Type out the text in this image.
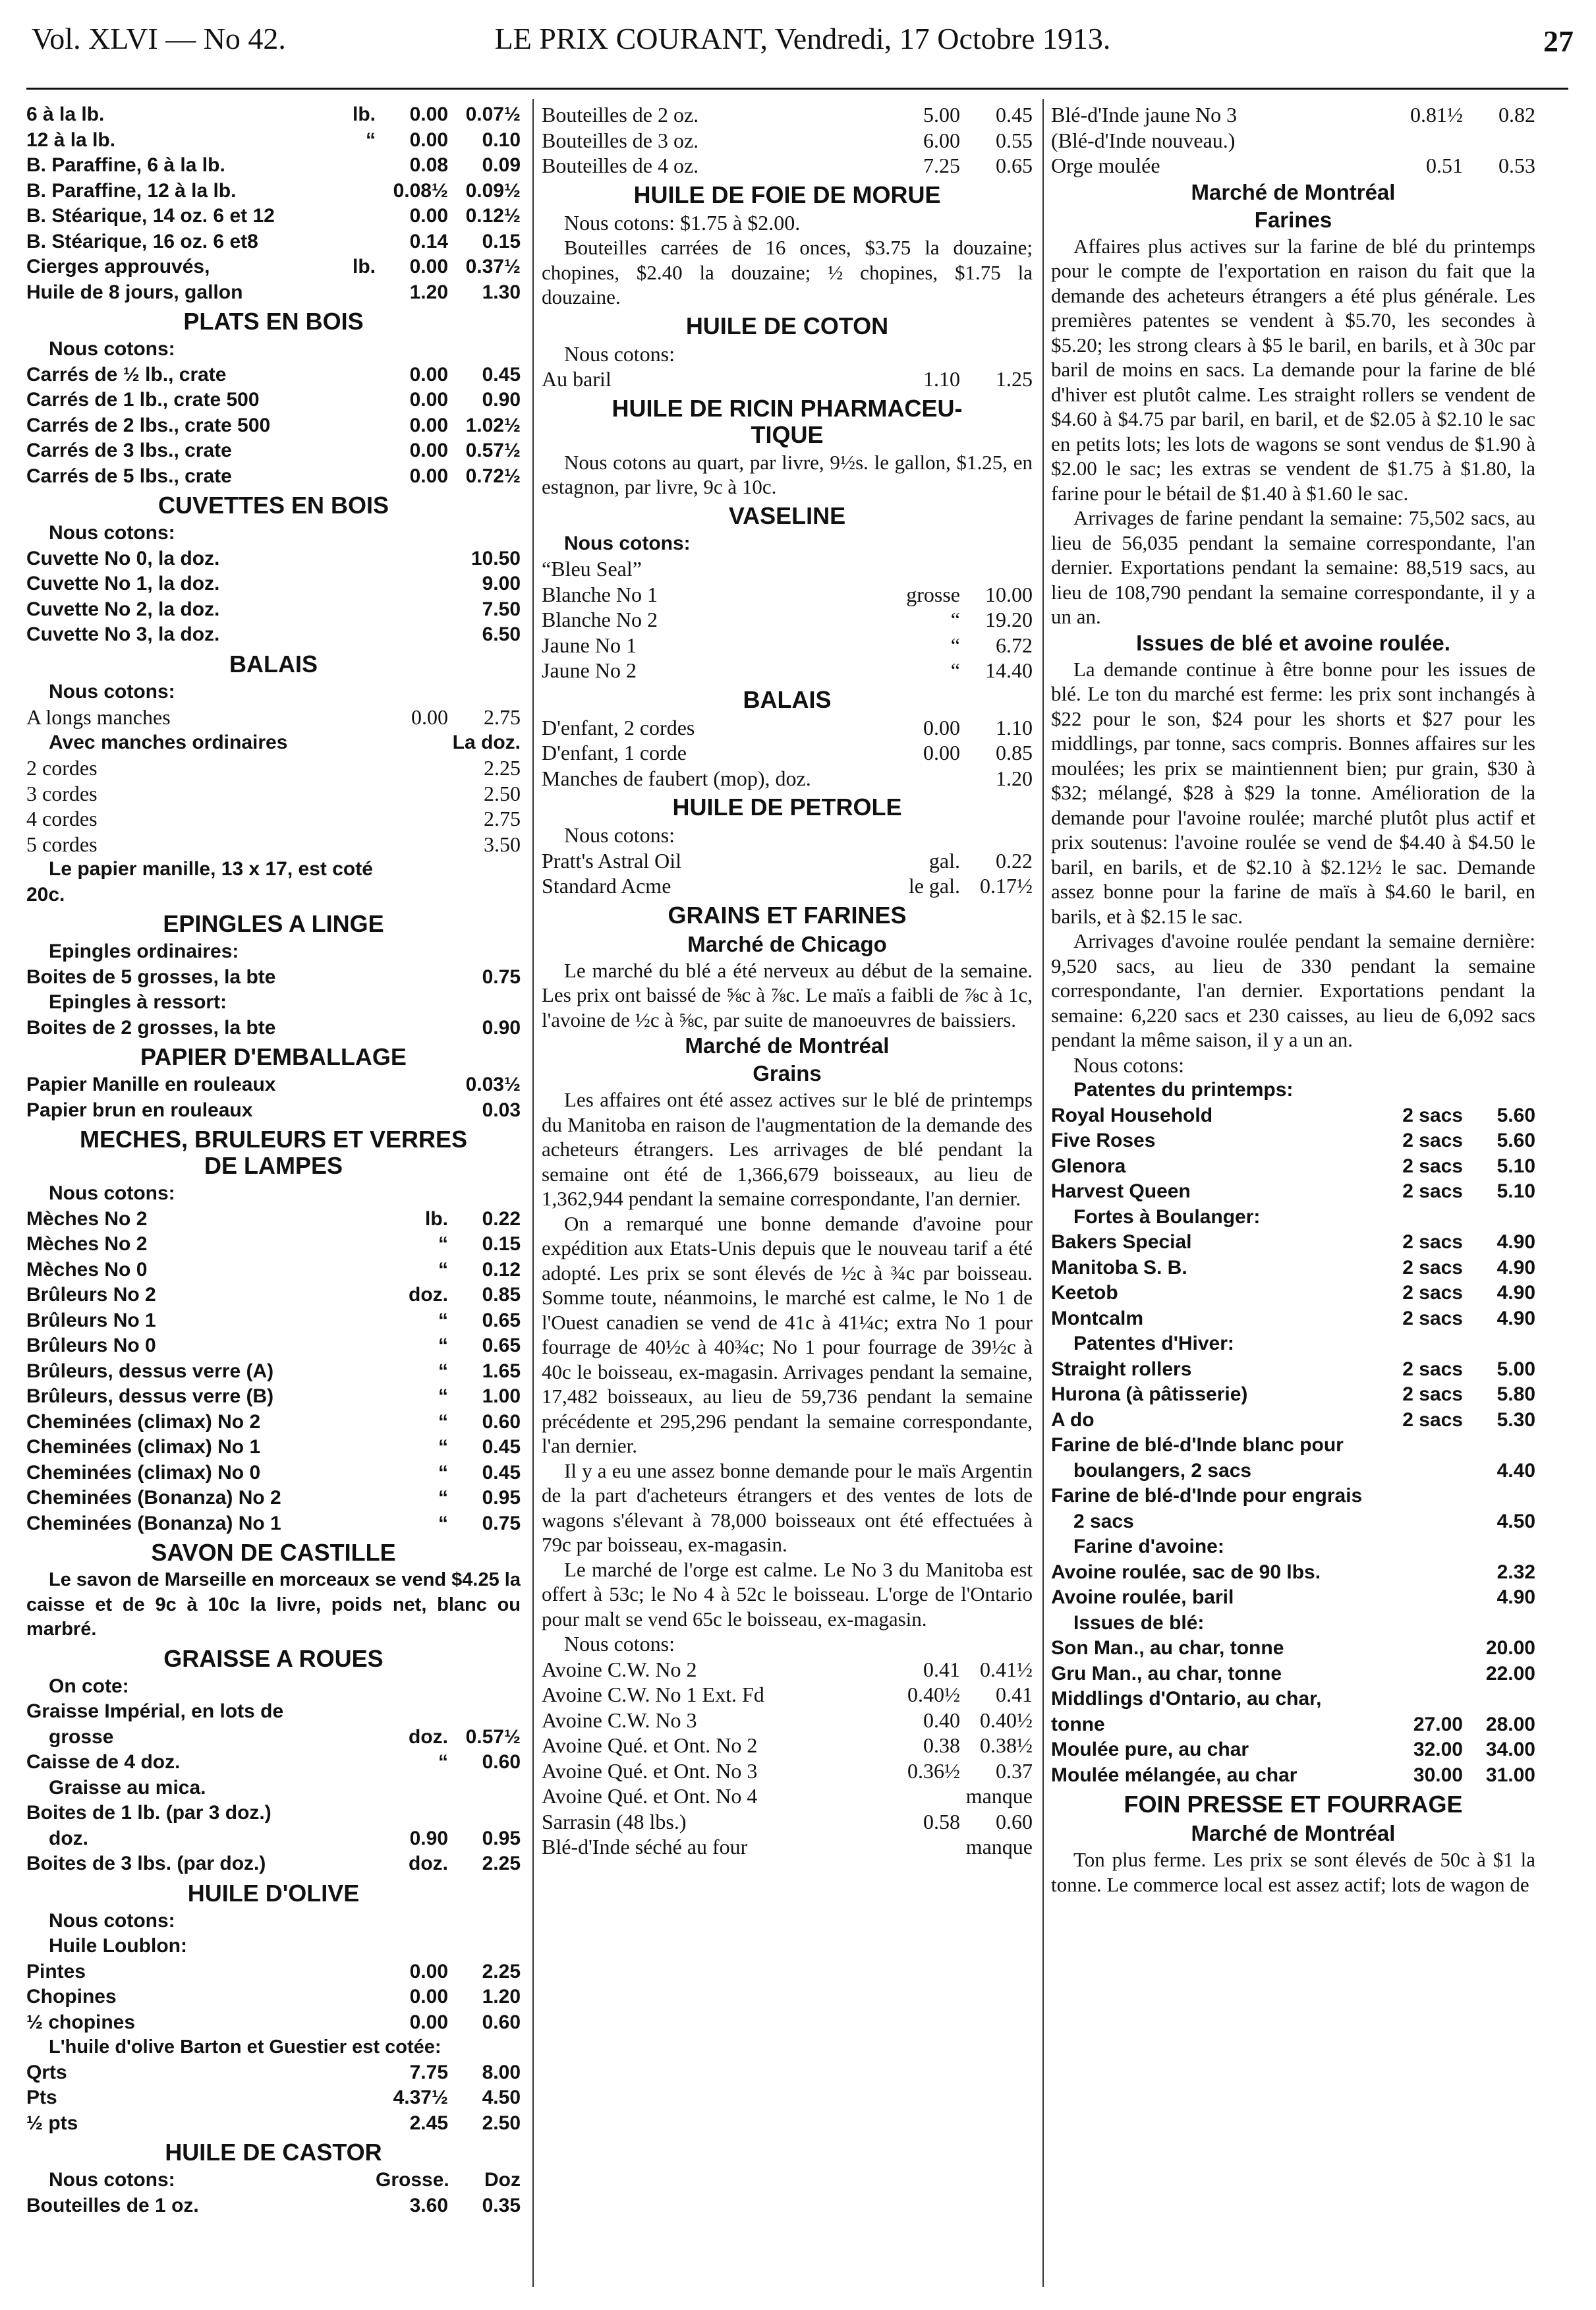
Vol. XLVI — No 42.	LE PRIX COURANT, Vendredi, 17 Octobre 1913.	27
6 à la lb.	lb.	0.00 0.07½
12 à la lb.	“	0.00	0.10
B. Paraffine, 6 à la lb.	0.08	0.09
B. Paraffine, 12 à la lb.	0.08½ 0.09½
B. Stéarique, 14 oz. 6 et 12	0.00 0.12½
B. Stéarique, 16 oz. 6 et8	0.14	0.15
Cierges approuvés,	lb.	0.00 0.37½
Huile de 8 jours, gallon	1.20	1.30
PLATS EN BOIS
Nous cotons:
Carrés de ½ lb., crate	0.00	0.45
Carrés de 1 lb., crate 500	0.00	0.90
Carrés de 2 lbs., crate 500	0.00 1.02½
Carrés de 3 lbs., crate	0.00 0.57½
Carrés de 5 lbs., crate	0.00 0.72½
CUVETTES EN BOIS
Nous cotons:
Cuvette No 0, la doz.	10.50
Cuvette No 1, la doz.	9.00
Cuvette No 2, la doz.	7.50
Cuvette No 3, la doz.	6.50
BALAIS
Nous cotons:
A longs manches	0.00	2.75
Avec manches ordinaires	La doz.
2 cordes	2.25
3 cordes	2.50
4 cordes	2.75
5 cordes	3.50
Le papier manille, 13 x 17, est coté
20c.
EPINGLES A LINGE
Epingles ordinaires:
Boites de 5 grosses, la bte	0.75
Epingles à ressort:
Boites de 2 grosses, la bte	0.90
PAPIER D'EMBALLAGE
Papier Manille en rouleaux	0.03½
Papier brun en rouleaux	0.03
MECHES, BRULEURS ET VERRES
DE LAMPES
Nous cotons:
Mèches No 2	lb.	0.22
Mèches No 2	“	0.15
Mèches No 0	“	0.12
Brûleurs No 2	doz.	0.85
Brûleurs No 1	“	0.65
Brûleurs No 0	“	0.65
Brûleurs, dessus verre (A)	“	1.65
Brûleurs, dessus verre (B)	“	1.00
Cheminées (climax) No 2	“	0.60
Cheminées (climax) No 1	“	0.45
Cheminées (climax) No 0	“	0.45
Cheminées (Bonanza) No 2	“	0.95
Cheminées (Bonanza) No 1	“	0.75
SAVON DE CASTILLE

Le savon de Marseille en morceaux se vend $4.25 la caisse et de 9c à 10c la livre, poids net, blanc ou marbré.

GRAISSE A ROUES
On cote:
Graisse Impérial, en lots de
grosse	doz. 0.57½
Caisse de 4 doz.	“	0.60
Graisse au mica.
Boites de 1 lb. (par 3 doz.)
doz.	0.90	0.95
Boites de 3 lbs. (par doz.)	doz.	2.25
HUILE D'OLIVE
Nous cotons:
Huile Loublon:
Pintes	0.00	2.25
Chopines	0.00	1.20
½ chopines	0.00	0.60

L'huile d'olive Barton et Guestier est cotée:

Qrts	7.75	8.00
Pts	4.37½	4.50
½ pts	2.45	2.50
HUILE DE CASTOR
Nous cotons:	Grosse.	Doz
Bouteilles de 1 oz.	3.60	0.35
Bouteilles de 2 oz.	5.00	0.45
Bouteilles de 3 oz.	6.00	0.55
Bouteilles de 4 oz.	7.25	0.65
HUILE DE FOIE DE MORUE
Nous cotons: $1.75 à $2.00.

Bouteilles carrées de 16 onces, $3.75 la douzaine; chopines, $2.40 la douzaine; ½ chopines, $1.75 la douzaine.

HUILE DE COTON
Nous cotons:
Au baril	1.10	1.25
HUILE DE RICIN PHARMACEU-
TIQUE

Nous cotons au quart, par livre, 9½s. le gallon, $1.25, en estagnon, par livre, 9c à 10c.

VASELINE
Nous cotons:
“Bleu Seal”
Blanche No 1	grosse	10.00
Blanche No 2	“	19.20
Jaune No 1	“	6.72
Jaune No 2	“	14.40
BALAIS
D'enfant, 2 cordes	0.00	1.10
D'enfant, 1 corde	0.00	0.85
Manches de faubert (mop), doz.	1.20
HUILE DE PETROLE
Nous cotons:
Pratt's Astral Oil	gal.	0.22
Standard Acme	le gal. 0.17½
GRAINS ET FARINES
Marché de Chicago

Le marché du blé a été nerveux au début de la semaine. Les prix ont baissé de ⅝c à ⅞c. Le maïs a faibli de ⅞c à 1c, l'avoine de ½c à ⅝c, par suite de manoeuvres de baissiers.

Marché de Montréal
Grains

Les affaires ont été assez actives sur le blé de printemps du Manitoba en raison de l'augmentation de la demande des acheteurs étrangers. Les arrivages de blé pendant la semaine ont été de 1,366,679 boisseaux, au lieu de 1,362,944 pendant la semaine correspondante, l'an dernier.

On a remarqué une bonne demande d'avoine pour expédition aux Etats-Unis depuis que le nouveau tarif a été adopté. Les prix se sont élevés de ½c à ¾c par boisseau. Somme toute, néanmoins, le marché est calme, le No 1 de l'Ouest canadien se vend de 41c à 41¼c; extra No 1 pour fourrage de 40½c à 40¾c; No 1 pour fourrage de 39½c à 40c le boisseau, ex-magasin. Arrivages pendant la semaine, 17,482 boisseaux, au lieu de 59,736 pendant la semaine précédente et 295,296 pendant la semaine correspondante, l'an dernier.

Il y a eu une assez bonne demande pour le maïs Argentin de la part d'acheteurs étrangers et des ventes de lots de wagons s'élevant à 78,000 boisseaux ont été effectuées à 79c par boisseau, ex-magasin.

Le marché de l'orge est calme. Le No 3 du Manitoba est offert à 53c; le No 4 à 52c le boisseau. L'orge de l'Ontario pour malt se vend 65c le boisseau, ex-magasin.

Nous cotons:
Avoine C.W. No 2	0.41 0.41½
Avoine C.W. No 1 Ext. Fd	0.40½	0.41
Avoine C.W. No 3	0.40 0.40½
Avoine Qué. et Ont. No 2	0.38 0.38½
Avoine Qué. et Ont. No 3	0.36½	0.37
Avoine Qué. et Ont. No 4	manque
Sarrasin (48 lbs.)	0.58	0.60
Blé-d'Inde séché au four	manque
Blé-d'Inde jaune No 3	0.81½	0.82
(Blé-d'Inde nouveau.)
Orge moulée	0.51	0.53
Marché de Montréal
Farines

Affaires plus actives sur la farine de blé du printemps pour le compte de l'exportation en raison du fait que la demande des acheteurs étrangers a été plus générale. Les premières patentes se vendent à $5.70, les secondes à $5.20; les strong clears à $5 le baril, en barils, et à 30c par baril de moins en sacs. La demande pour la farine de blé d'hiver est plutôt calme. Les straight rollers se vendent de $4.60 à $4.75 par baril, en baril, et de $2.05 à $2.10 le sac en petits lots; les lots de wagons se sont vendus de $1.90 à $2.00 le sac; les extras se vendent de $1.75 à $1.80, la farine pour le bétail de $1.40 à $1.60 le sac.

Arrivages de farine pendant la semaine: 75,502 sacs, au lieu de 56,035 pendant la semaine correspondante, l'an dernier. Exportations pendant la semaine: 88,519 sacs, au lieu de 108,790 pendant la semaine correspondante, il y a un an.

Issues de blé et avoine roulée.

La demande continue à être bonne pour les issues de blé. Le ton du marché est ferme: les prix sont inchangés à $22 pour le son, $24 pour les shorts et $27 pour les middlings, par tonne, sacs compris. Bonnes affaires sur les moulées; les prix se maintiennent bien; pur grain, $30 à $32; mélangé, $28 à $29 la tonne. Amélioration de la demande pour l'avoine roulée; marché plutôt plus actif et prix soutenus: l'avoine roulée se vend de $4.40 à $4.50 le baril, en barils, et de $2.10 à $2.12½ le sac. Demande assez bonne pour la farine de maïs à $4.60 le baril, en barils, et à $2.15 le sac.

Arrivages d'avoine roulée pendant la semaine dernière: 9,520 sacs, au lieu de 330 pendant la semaine correspondante, l'an dernier. Exportations pendant la semaine: 6,220 sacs et 230 caisses, au lieu de 6,092 sacs pendant la même saison, il y a un an.

Nous cotons:
Patentes du printemps:
Royal Household	2 sacs	5.60
Five Roses	2 sacs	5.60
Glenora	2 sacs	5.10
Harvest Queen	2 sacs	5.10
Fortes à Boulanger:
Bakers Special	2 sacs	4.90
Manitoba S. B.	2 sacs	4.90
Keetob	2 sacs	4.90
Montcalm	2 sacs	4.90
Patentes d'Hiver:
Straight rollers	2 sacs	5.00
Hurona (à pâtisserie)	2 sacs	5.80
A do	2 sacs	5.30
Farine de blé-d'Inde blanc pour
boulangers, 2 sacs	4.40
Farine de blé-d'Inde pour engrais
2 sacs	4.50
Farine d'avoine:
Avoine roulée, sac de 90 lbs.	2.32
Avoine roulée, baril	4.90
Issues de blé:
Son Man., au char, tonne	20.00
Gru Man., au char, tonne	22.00
Middlings d'Ontario, au char,
tonne	27.00	28.00
Moulée pure, au char	32.00	34.00
Moulée mélangée, au char	30.00	31.00
FOIN PRESSE ET FOURRAGE
Marché de Montréal

Ton plus ferme. Les prix se sont élevés de 50c à $1 la tonne. Le commerce local est assez actif; lots de wagon de
